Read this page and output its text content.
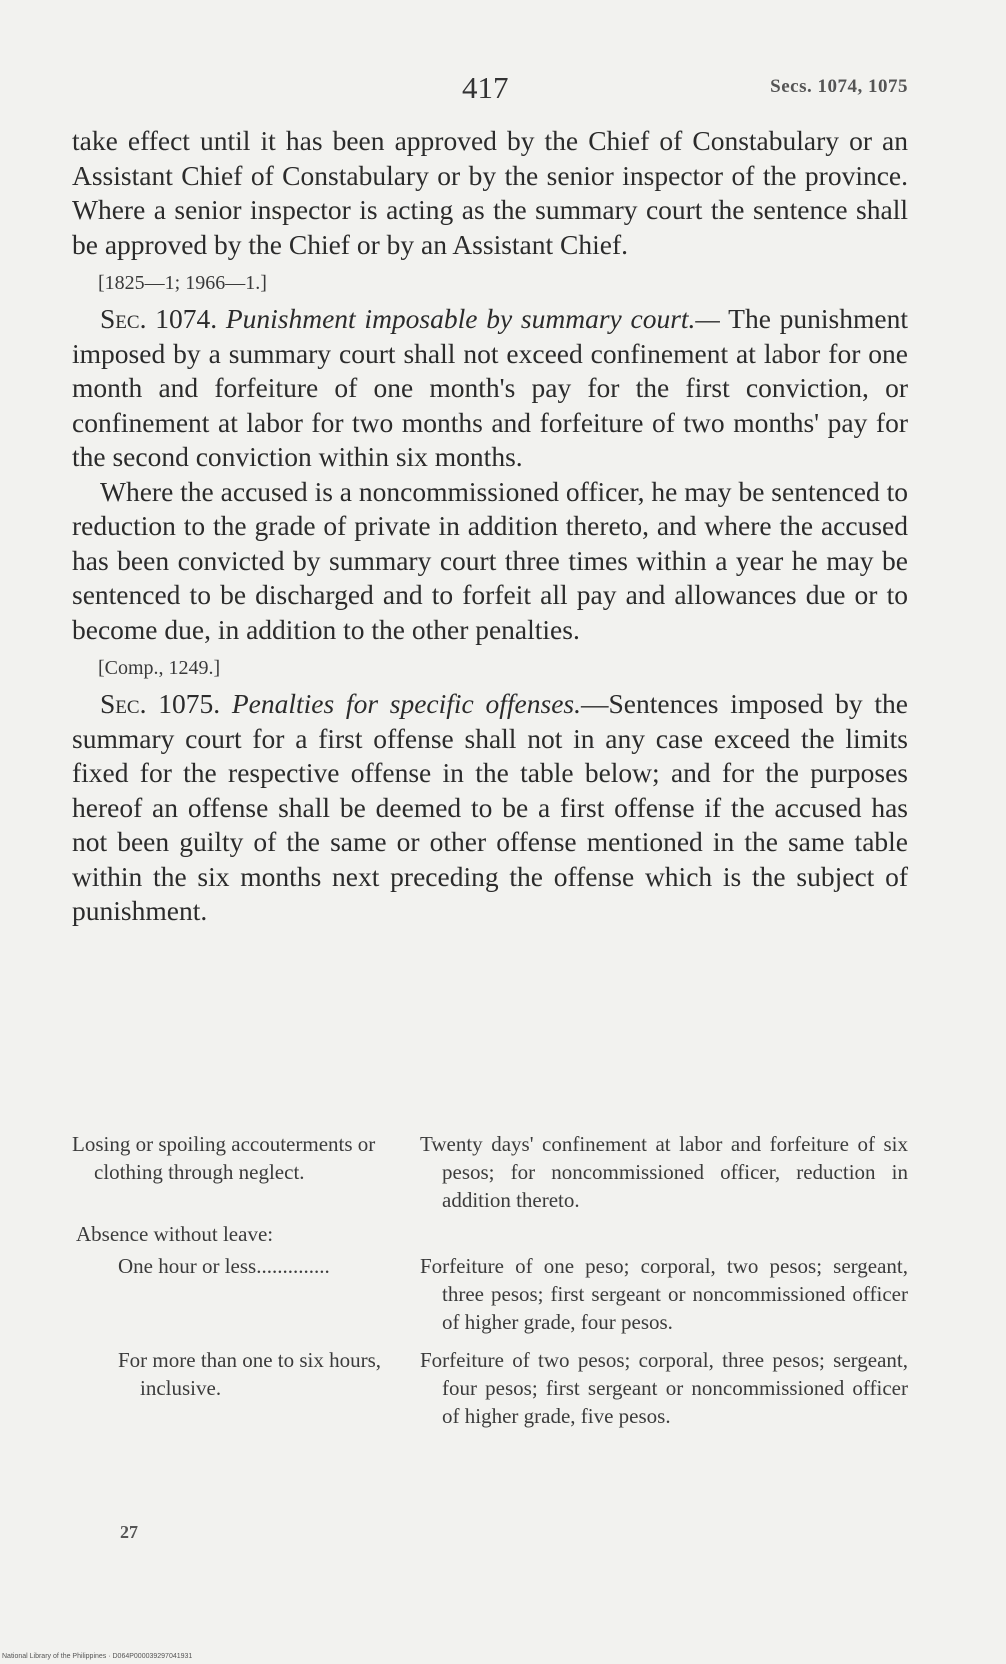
417	Secs. 1074, 1075

take effect until it has been approved by the Chief of Constabulary or an Assistant Chief of Constabulary or by the senior inspector of the province. Where a senior inspector is acting as the summary court the sentence shall be approved by the Chief or by an Assistant Chief.

[1825—1; 1966—1.]

Sec. 1074. Punishment imposable by summary court.— The punishment imposed by a summary court shall not exceed confinement at labor for one month and forfeiture of one month's pay for the first conviction, or confinement at labor for two months and forfeiture of two months' pay for the second conviction within six months.

Where the accused is a noncommissioned officer, he may be sentenced to reduction to the grade of private in addition thereto, and where the accused has been convicted by summary court three times within a year he may be sentenced to be discharged and to forfeit all pay and allowances due or to become due, in addition to the other penalties.

[Comp., 1249.]

Sec. 1075. Penalties for specific offenses.—Sentences imposed by the summary court for a first offense shall not in any case exceed the limits fixed for the respective offense in the table below; and for the purposes hereof an offense shall be deemed to be a first offense if the accused has not been guilty of the same or other offense mentioned in the same table within the six months next preceding the offense which is the subject of punishment.

Losing or spoiling accouterments or clothing through neglect.
Twenty days' confinement at labor and forfeiture of six pesos; for noncommissioned officer, reduction in addition thereto.
Absence without leave:
One hour or less..............	Forfeiture of one peso; corporal, two pesos; sergeant, three pesos; first sergeant or noncommissioned officer of higher grade, four pesos.
For more than one to six hours, inclusive.
Forfeiture of two pesos; corporal, three pesos; sergeant, four pesos; first sergeant or noncommissioned officer of higher grade, five pesos.
27
National Library of the Philippines · D064P000039297041931
